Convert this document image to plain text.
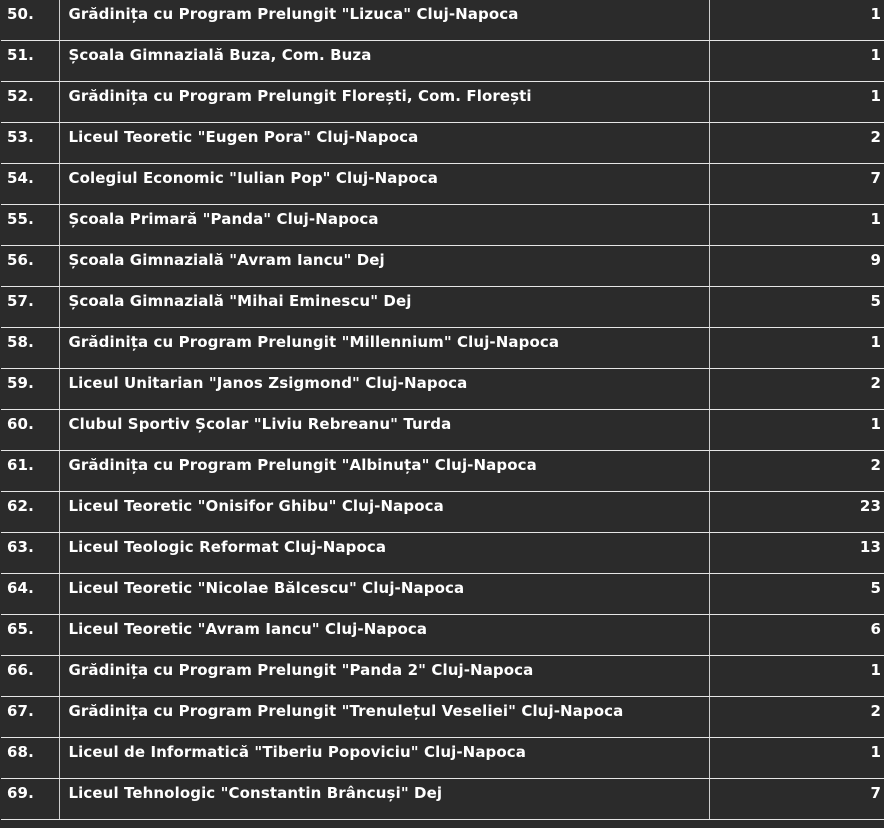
50.	Grădinița cu Program Prelungit "Lizuca" Cluj-Napoca	1
51.	Școala Gimnazială Buza, Com. Buza	1
52.	Grădinița cu Program Prelungit Florești, Com. Florești	1
53.	Liceul Teoretic "Eugen Pora" Cluj-Napoca	2
54.	Colegiul Economic "Iulian Pop" Cluj-Napoca	7
55.	Școala Primară "Panda" Cluj-Napoca	1
56.	Școala Gimnazială "Avram Iancu" Dej	9
57.	Școala Gimnazială "Mihai Eminescu" Dej	5
58.	Grădinița cu Program Prelungit "Millennium" Cluj-Napoca	1
59.	Liceul Unitarian "Janos Zsigmond" Cluj-Napoca	2
60.	Clubul Sportiv Școlar "Liviu Rebreanu" Turda	1
61.	Grădinița cu Program Prelungit "Albinuța" Cluj-Napoca	2
62.	Liceul Teoretic "Onisifor Ghibu" Cluj-Napoca	23
63.	Liceul Teologic Reformat Cluj-Napoca	13
64.	Liceul Teoretic "Nicolae Bălcescu" Cluj-Napoca	5
65.	Liceul Teoretic "Avram Iancu" Cluj-Napoca	6
66.	Grădinița cu Program Prelungit "Panda 2" Cluj-Napoca	1
67.	Grădinița cu Program Prelungit "Trenulețul Veseliei" Cluj-Napoca	2
68.	Liceul de Informatică "Tiberiu Popoviciu" Cluj-Napoca	1
69.	Liceul Tehnologic "Constantin Brâncuși" Dej	7
